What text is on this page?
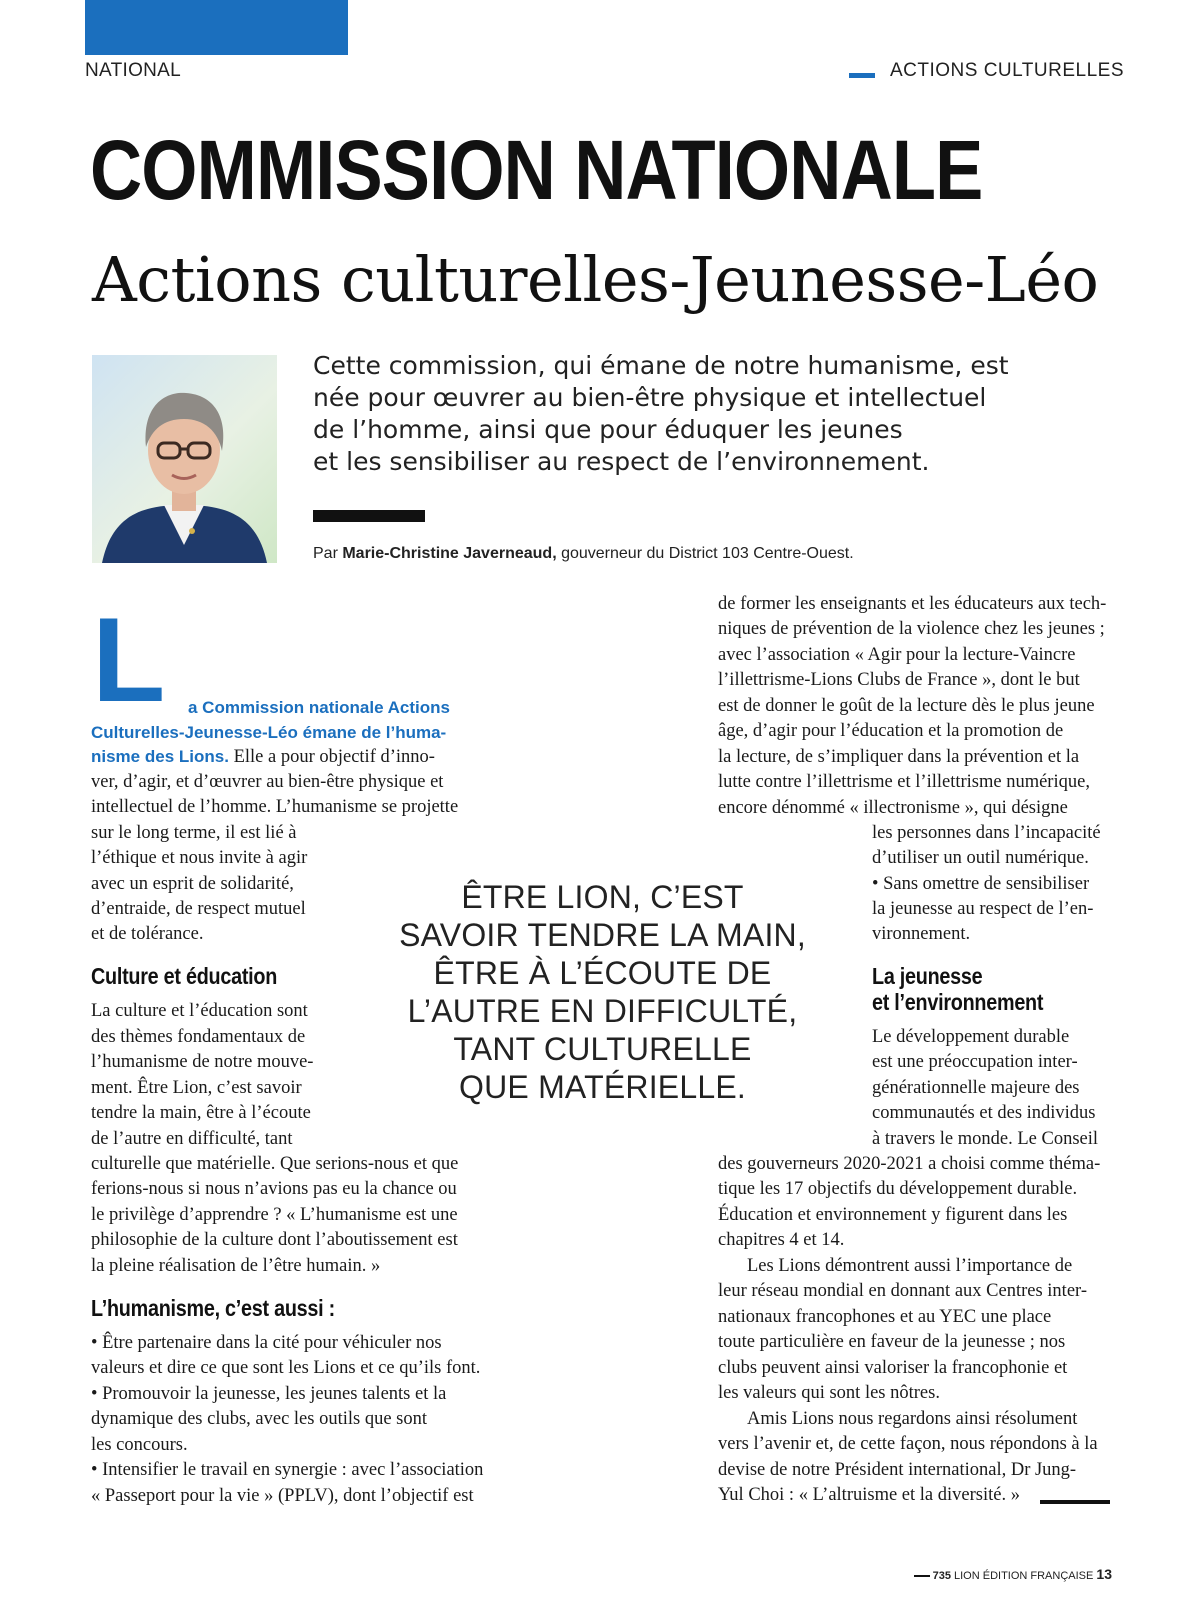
NATIONAL	ACTIONS CULTURELLES
COMMISSION NATIONALE
Actions culturelles-Jeunesse-Léo
Cette commission, qui émane de notre humanisme, est
née pour œuvrer au bien-être physique et intellectuel
de l’homme, ainsi que pour éduquer les jeunes
et les sensibiliser au respect de l’environnement.
Par Marie-Christine Javerneaud, gouverneur du District 103 Centre-Ouest.
L a Commission nationale Actions
Culturelles-Jeunesse-Léo émane de l’huma-
nisme des Lions. Elle a pour objectif d’inno-
ver, d’agir, et d’œuvrer au bien-être physique et
intellectuel de l’homme. L’humanisme se projette
sur le long terme, il est lié à
l’éthique et nous invite à agir
avec un esprit de solidarité,
d’entraide, de respect mutuel
et de tolérance.
Culture et éducation
La culture et l’éducation sont
des thèmes fondamentaux de
l’humanisme de notre mouve-
ment. Être Lion, c’est savoir
tendre la main, être à l’écoute
de l’autre en difficulté, tant
culturelle que matérielle. Que serions-nous et que
ferions-nous si nous n’avions pas eu la chance ou
le privilège d’apprendre ? « L’humanisme est une
philosophie de la culture dont l’aboutissement est
la pleine réalisation de l’être humain. »
L’humanisme, c’est aussi :
• Être partenaire dans la cité pour véhiculer nos
valeurs et dire ce que sont les Lions et ce qu’ils font.
• Promouvoir la jeunesse, les jeunes talents et la
dynamique des clubs, avec les outils que sont
les concours.
• Intensifier le travail en synergie : avec l’association
« Passeport pour la vie » (PPLV), dont l’objectif est
ÊTRE LION, C’EST
SAVOIR TENDRE LA MAIN,
ÊTRE À L’ÉCOUTE DE
L’AUTRE EN DIFFICULTÉ,
TANT CULTURELLE
QUE MATÉRIELLE.
de former les enseignants et les éducateurs aux tech-
niques de prévention de la violence chez les jeunes ;
avec l’association « Agir pour la lecture-Vaincre
l’illettrisme-Lions Clubs de France », dont le but
est de donner le goût de la lecture dès le plus jeune
âge, d’agir pour l’éducation et la promotion de
la lecture, de s’impliquer dans la prévention et la
lutte contre l’illettrisme et l’illettrisme numérique,
encore dénommé « illectronisme », qui désigne
les personnes dans l’incapacité
d’utiliser un outil numérique.
• Sans omettre de sensibiliser
la jeunesse au respect de l’en-
vironnement.
La jeunesse
et l’environnement
Le développement durable
est une préoccupation inter-
générationnelle majeure des
communautés et des individus
à travers le monde. Le Conseil
des gouverneurs 2020-2021 a choisi comme théma-
tique les 17 objectifs du développement durable.
Éducation et environnement y figurent dans les
chapitres 4 et 14.
Les Lions démontrent aussi l’importance de
leur réseau mondial en donnant aux Centres inter-
nationaux francophones et au YEC une place
toute particulière en faveur de la jeunesse ; nos
clubs peuvent ainsi valoriser la francophonie et
les valeurs qui sont les nôtres.
Amis Lions nous regardons ainsi résolument
vers l’avenir et, de cette façon, nous répondons à la
devise de notre Président international, Dr Jung-
Yul Choi : « L’altruisme et la diversité. »
735 LION ÉDITION FRANÇAISE 13
